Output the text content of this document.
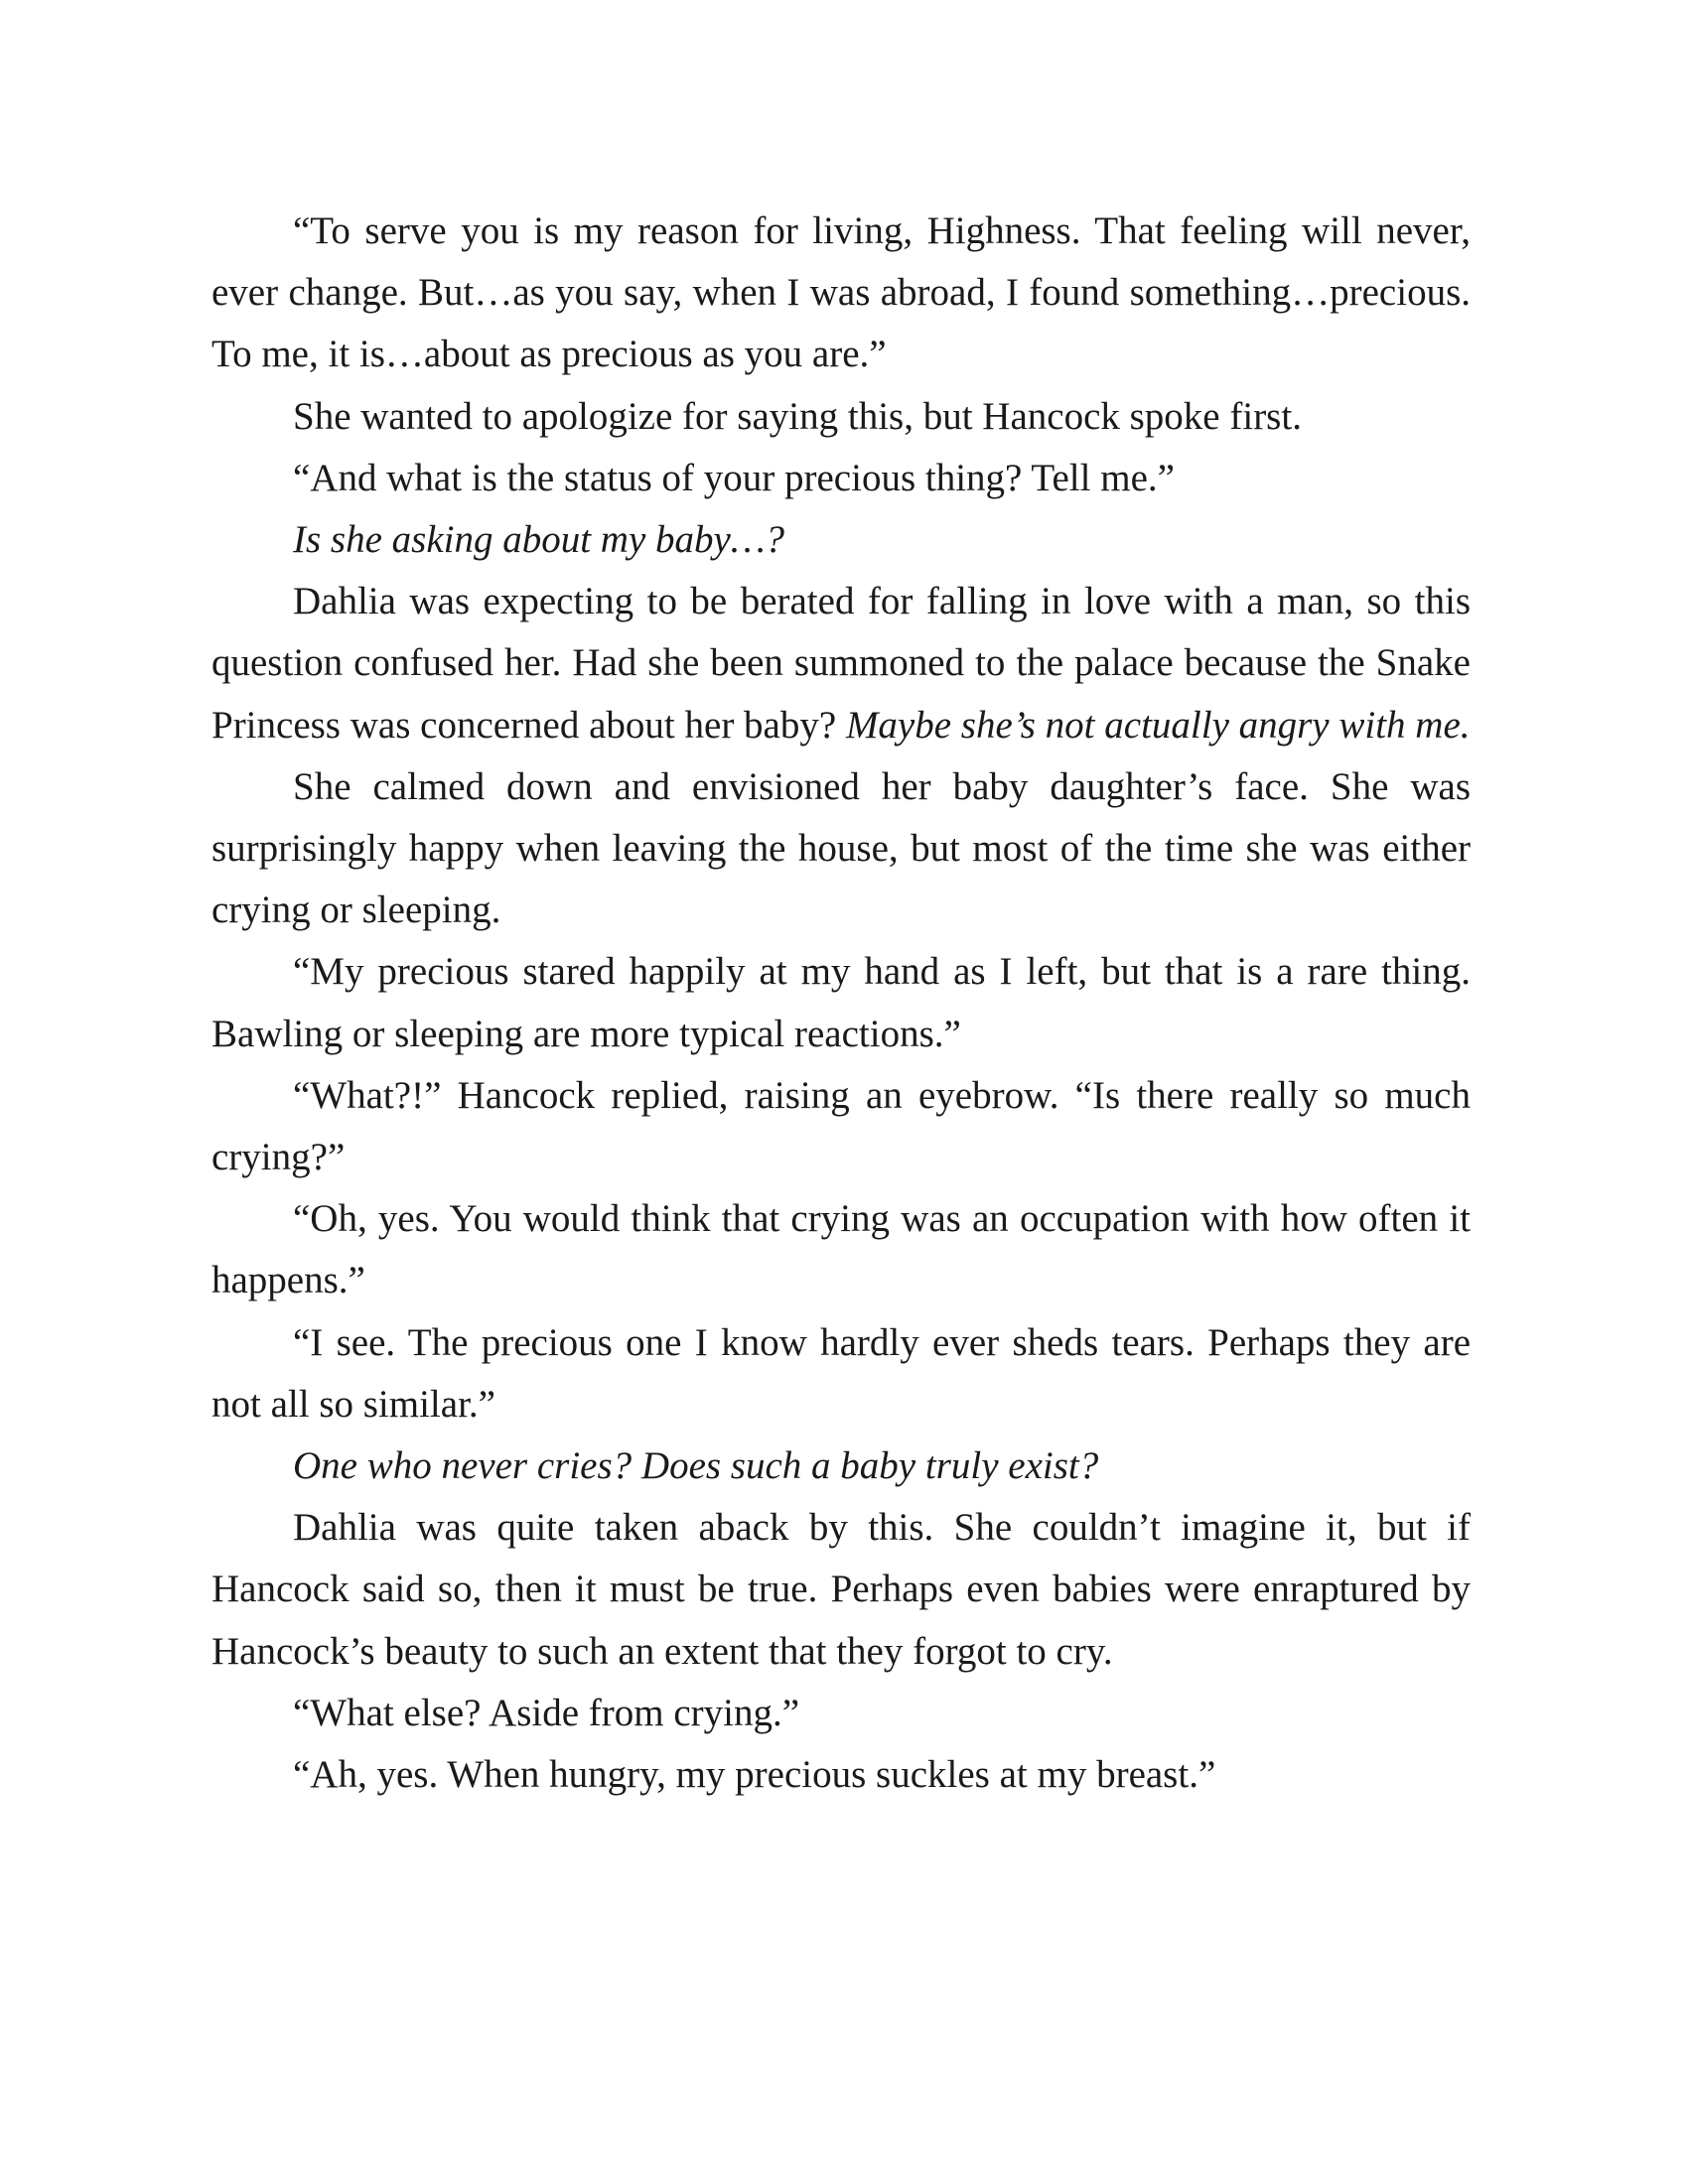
“To serve you is my reason for living, Highness. That feeling will never, ever change. But…as you say, when I was abroad, I found something…precious. To me, it is…about as precious as you are.”

She wanted to apologize for saying this, but Hancock spoke first.

“And what is the status of your precious thing? Tell me.”

Is she asking about my baby…?

Dahlia was expecting to be berated for falling in love with a man, so this question confused her. Had she been summoned to the palace because the Snake Princess was concerned about her baby? Maybe she’s not actually angry with me.

She calmed down and envisioned her baby daughter’s face. She was surprisingly happy when leaving the house, but most of the time she was either crying or sleeping.

“My precious stared happily at my hand as I left, but that is a rare thing. Bawling or sleeping are more typical reactions.”

“What?!” Hancock replied, raising an eyebrow. “Is there really so much crying?”

“Oh, yes. You would think that crying was an occupation with how often it happens.”

“I see. The precious one I know hardly ever sheds tears. Perhaps they are not all so similar.”

One who never cries? Does such a baby truly exist?

Dahlia was quite taken aback by this. She couldn’t imagine it, but if Hancock said so, then it must be true. Perhaps even babies were enraptured by Hancock’s beauty to such an extent that they forgot to cry.

“What else? Aside from crying.”

“Ah, yes. When hungry, my precious suckles at my breast.”
